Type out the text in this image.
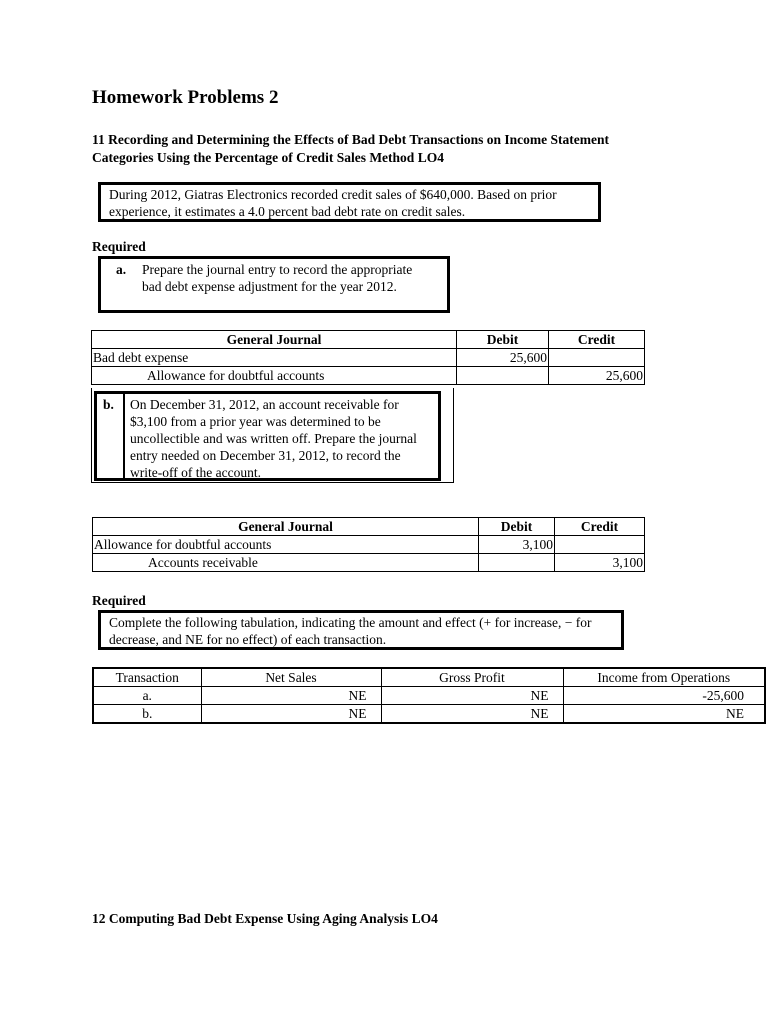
Homework Problems 2

11 Recording and Determining the Effects of Bad Debt Transactions on Income Statement Categories Using the Percentage of Credit Sales Method LO4

During 2012, Giatras Electronics recorded credit sales of $640,000. Based on prior experience, it estimates a 4.0 percent bad debt rate on credit sales.
Required
a. Prepare the journal entry to record the appropriate bad debt expense adjustment for the year 2012.
General Journal	Debit	Credit
Bad debt expense	25,600	
Allowance for doubtful accounts		25,600
b. On December 31, 2012, an account receivable for $3,100 from a prior year was determined to be uncollectible and was written off. Prepare the journal entry needed on December 31, 2012, to record the write-off of the account.
General Journal	Debit	Credit
Allowance for doubtful accounts	3,100	
Accounts receivable		3,100
Required
Complete the following tabulation, indicating the amount and effect (+ for increase, − for decrease, and NE for no effect) of each transaction.
Transaction	Net Sales	Gross Profit	Income from Operations
a.	NE	NE	-25,600
b.	NE	NE	NE

12 Computing Bad Debt Expense Using Aging Analysis LO4
